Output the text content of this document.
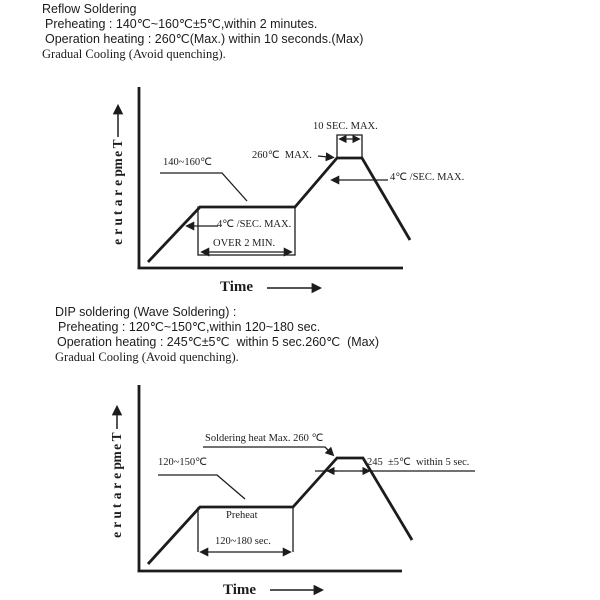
Reflow Soldering
Preheating : 140℃~160℃±5℃,within 2 minutes.
Operation heating : 260℃(Max.) within 10 seconds.(Max)
Gradual Cooling (Avoid quenching).
T
e
m
p
e
r
a
t
u
r
e
140~160℃
260℃  MAX.
10 SEC. MAX.
4℃ /SEC. MAX.
4℃ /SEC. MAX.
OVER 2 MIN.
Time
DIP soldering (Wave Soldering) :
Preheating : 120℃~150℃,within 120~180 sec.
Operation heating : 245℃±5℃  within 5 sec.260℃  (Max)
Gradual Cooling (Avoid quenching).
T
e
m
p
e
r
a
t
u
r
e
120~150℃
Soldering heat Max. 260 ℃
245  ±5℃  within 5 sec.
Preheat
120~180 sec.
Time
